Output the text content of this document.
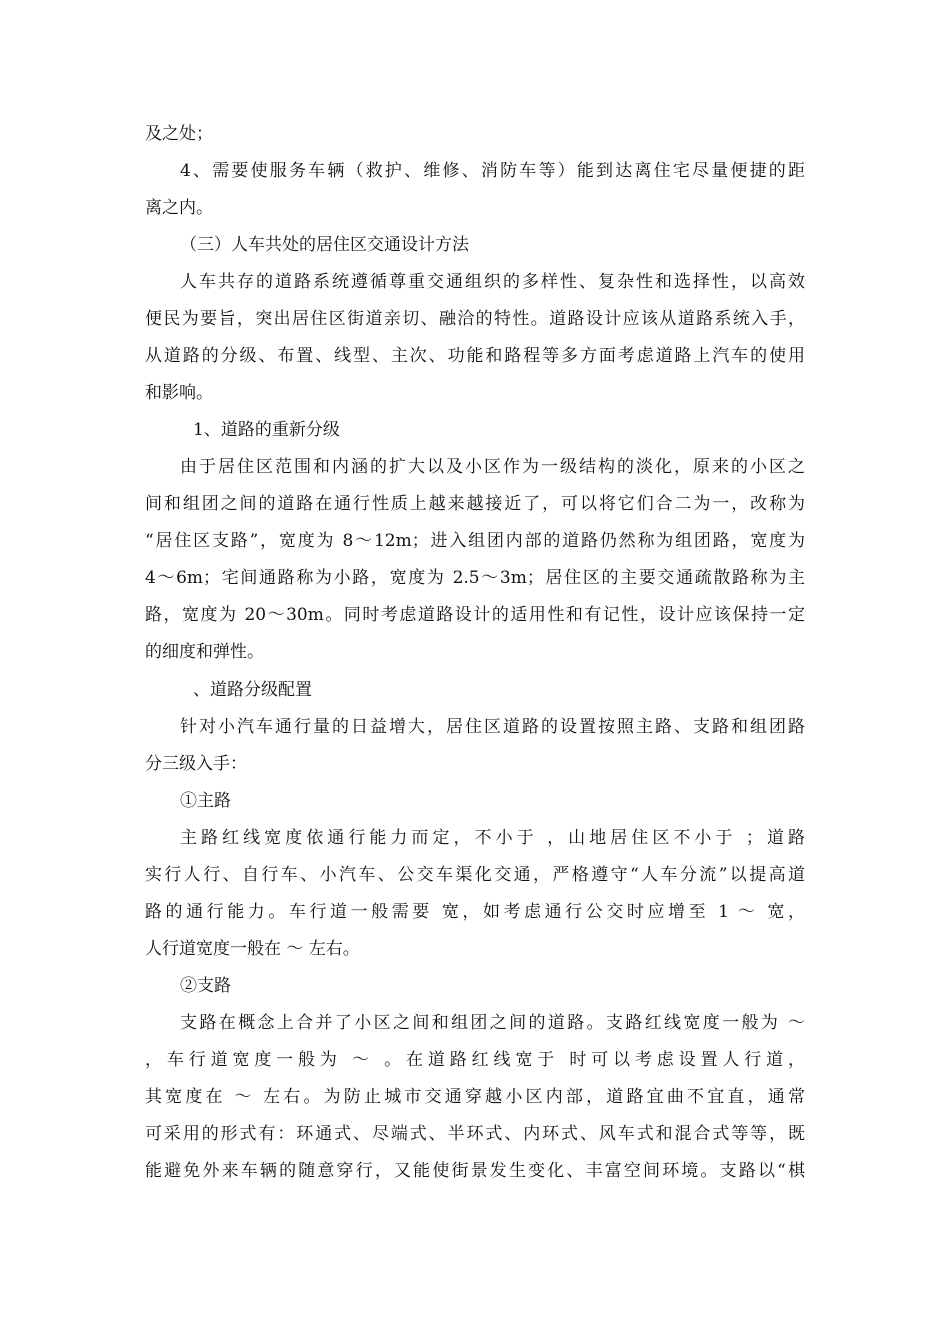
及之处；
4、需要使服务车辆（救护、维修、消防车等）能到达离住宅尽量便捷的距
离之内。
（三）人车共处的居住区交通设计方法
人车共存的道路系统遵循尊重交通组织的多样性、复杂性和选择性，以高效
便民为要旨，突出居住区街道亲切、融洽的特性。道路设计应该从道路系统入手，
从道路的分级、布置、线型、主次、功能和路程等多方面考虑道路上汽车的使用
和影响。
1、道路的重新分级
由于居住区范围和内涵的扩大以及小区作为一级结构的淡化，原来的小区之
间和组团之间的道路在通行性质上越来越接近了，可以将它们合二为一，改称为
“居住区支路”，宽度为 8～12m；进入组团内部的道路仍然称为组团路，宽度为
4～6m；宅间通路称为小路，宽度为 2.5～3m；居住区的主要交通疏散路称为主
路，宽度为 20～30m。同时考虑道路设计的适用性和有记性，设计应该保持一定
的细度和弹性。
、道路分级配置
针对小汽车通行量的日益增大，居住区道路的设置按照主路、支路和组团路
分三级入手：
①主路
主路红线宽度依通行能力而定，不小于 ，山地居住区不小于 ；道路
实行人行、自行车、小汽车、公交车渠化交通，严格遵守“人车分流”以提高道
路的通行能力。车行道一般需要 宽，如考虑通行公交时应增至 1 ～ 宽，
人行道宽度一般在 ～ 左右。
②支路
支路在概念上合并了小区之间和组团之间的道路。支路红线宽度一般为 ～
，车行道宽度一般为 ～ 。在道路红线宽于 时可以考虑设置人行道，
其宽度在 ～ 左右。为防止城市交通穿越小区内部，道路宜曲不宜直，通常
可采用的形式有：环通式、尽端式、半环式、内环式、风车式和混合式等等，既
能避免外来车辆的随意穿行，又能使街景发生变化、丰富空间环境。支路以“棋
